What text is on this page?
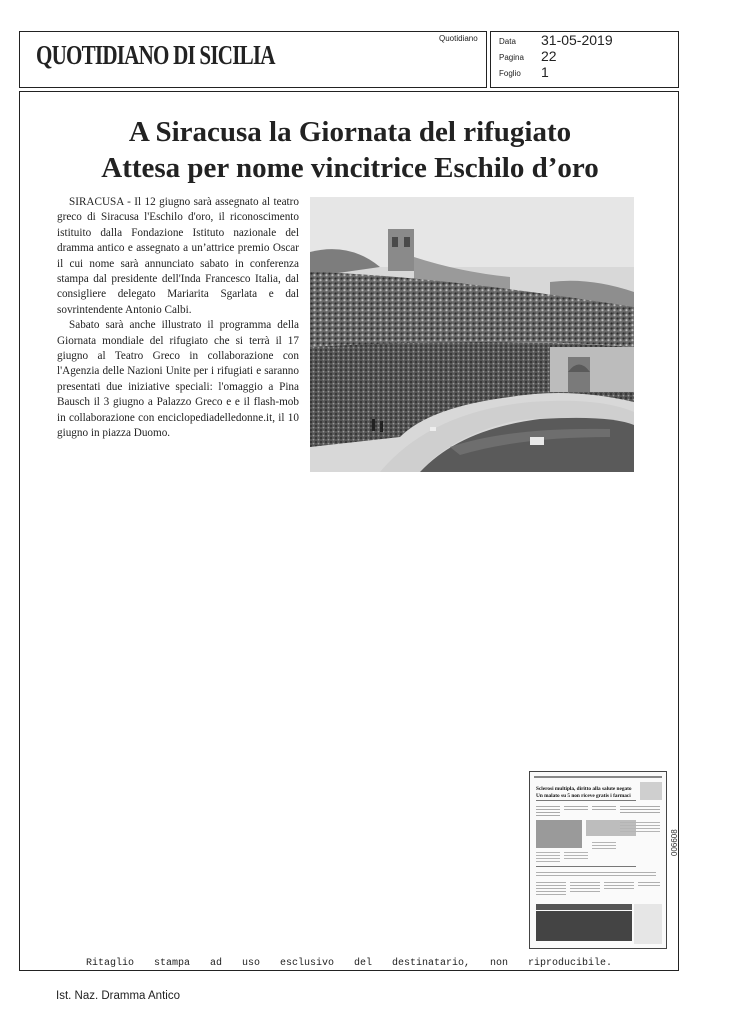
QUOTIDIANO DI SICILIA
Quotidiano	Data 31-05-2019
Pagina 22
Foglio 1
A Siracusa la Giornata del rifugiato
Attesa per nome vincitrice Eschilo d’oro

SIRACUSA - Il 12 giugno sarà assegnato al teatro greco di Siracusa l'Eschilo d'oro, il riconoscimento istituito dalla Fondazione Istituto nazionale del dramma antico e assegnato a un’attrice premio Oscar il cui nome sarà annunciato sabato in conferenza stampa dal presidente dell'Inda Francesco Italia, dal consigliere delegato Mariarita Sgarlata e dal sovrintendente Antonio Calbi.

Sabato sarà anche illustrato il programma della Giornata mondiale del rifugiato che si terrà il 17 giugno al Teatro Greco in collaborazione con l'Agenzia delle Nazioni Unite per i rifugiati e saranno presentati due iniziative speciali: l'omaggio a Pina Bausch il 3 giugno a Palazzo Greco e e il flash-mob in collaborazione con enciclopediadelledonne.it, il 10 giugno in piazza Duomo.

Sclerosi multipla, diritto alla salute negato
Un malato su 5 non riceve gratis i farmaci
006608
Ritaglio stampa ad uso esclusivo del destinatario, non riproducibile.
Ist. Naz. Dramma Antico
